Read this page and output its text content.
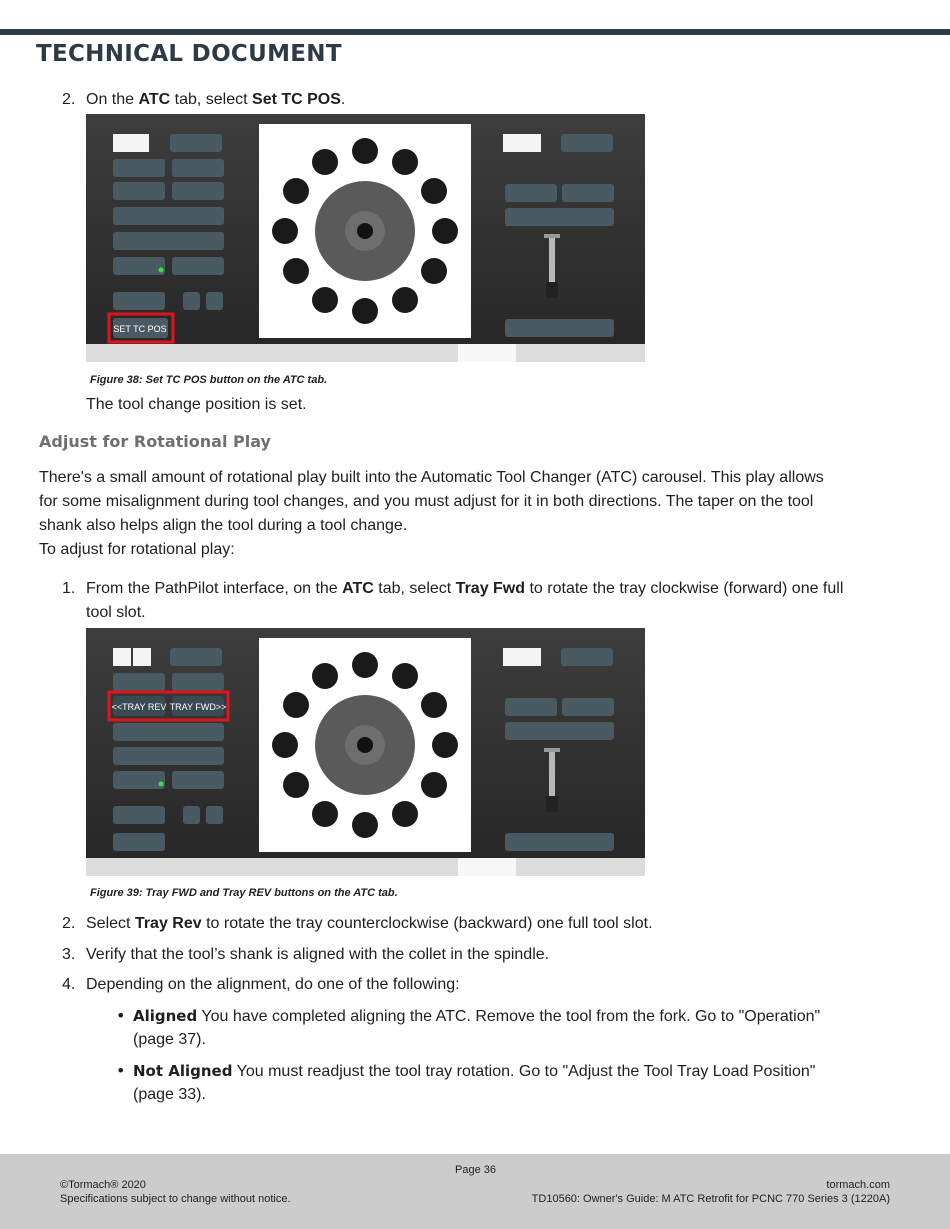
TECHNICAL DOCUMENT
2. On the ATC tab, select Set TC POS.

SET TC POS
Figure 38: Set TC POS button on the ATC tab.

The tool change position is set.

Adjust for Rotational Play

There's a small amount of rotational play built into the Automatic Tool Changer (ATC) carousel. This play allows

for some misalignment during tool changes, and you must adjust for it in both directions. The taper on the tool

shank also helps align the tool during a tool change.

To adjust for rotational play:

1. From the PathPilot interface, on the ATC tab, select Tray Fwd to rotate the tray clockwise (forward) one full

tool slot.

<<TRAY REV TRAY FWD>>
Figure 39: Tray FWD and Tray REV buttons on the ATC tab.
2. Select Tray Rev to rotate the tray counterclockwise (backward) one full tool slot.

3. Verify that the tool’s shank is aligned with the collet in the spindle.

4. Depending on the alignment, do one of the following:

• Aligned You have completed aligning the ATC. Remove the tool from the fork. Go to "Operation"

(page 37).

• Not Aligned You must readjust the tool tray rotation. Go to "Adjust the Tool Tray Load Position"

(page 33).

Page 36
©Tormach® 2020
Specifications subject to change without notice.
tormach.com
TD10560: Owner's Guide: M ATC Retrofit for PCNC 770 Series 3 (1220A)
